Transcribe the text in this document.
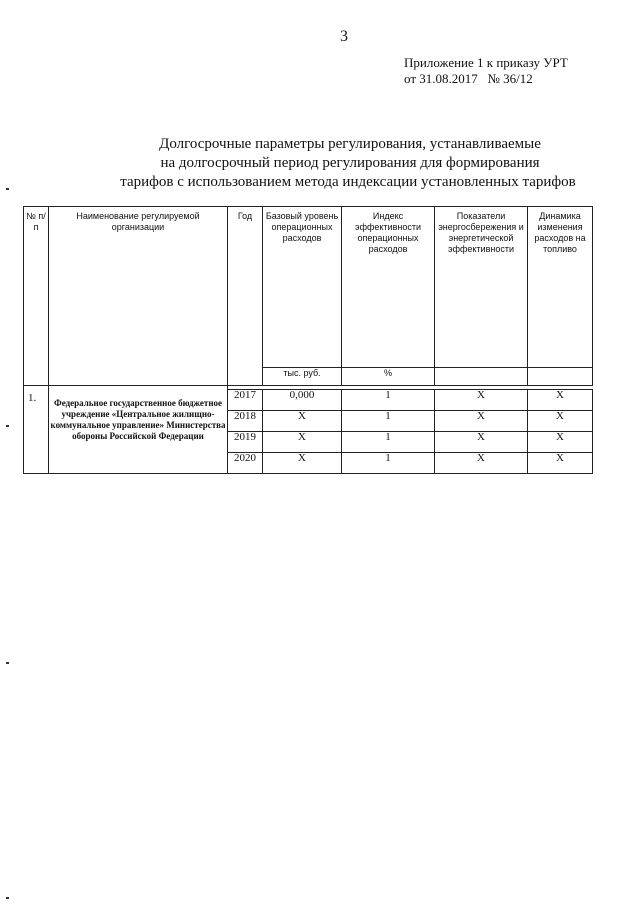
3
Приложение 1 к приказу УРТ
от 31.08.2017   № 36/12
Долгосрочные параметры регулирования, устанавливаемые
на долгосрочный период регулирования для формирования
тарифов с использованием метода индексации установленных тарифов
№ п/п	Наименование регулируемой организации	Год	Базовый уровень операционных расходов	Индекс эффективности операционных расходов	Показатели энергосбережения и энергетической эффективности	Динамика изменения расходов на топливо
			тыс. руб.	%		

1.	Федеральное государственное бюджетное учреждение «Центральное жилищно-коммунальное управление» Министерства обороны Российской Федерации	2017	0,000	1	Х	Х
		2018	Х	1	Х	Х
		2019	Х	1	Х	Х
		2020	Х	1	Х	Х
